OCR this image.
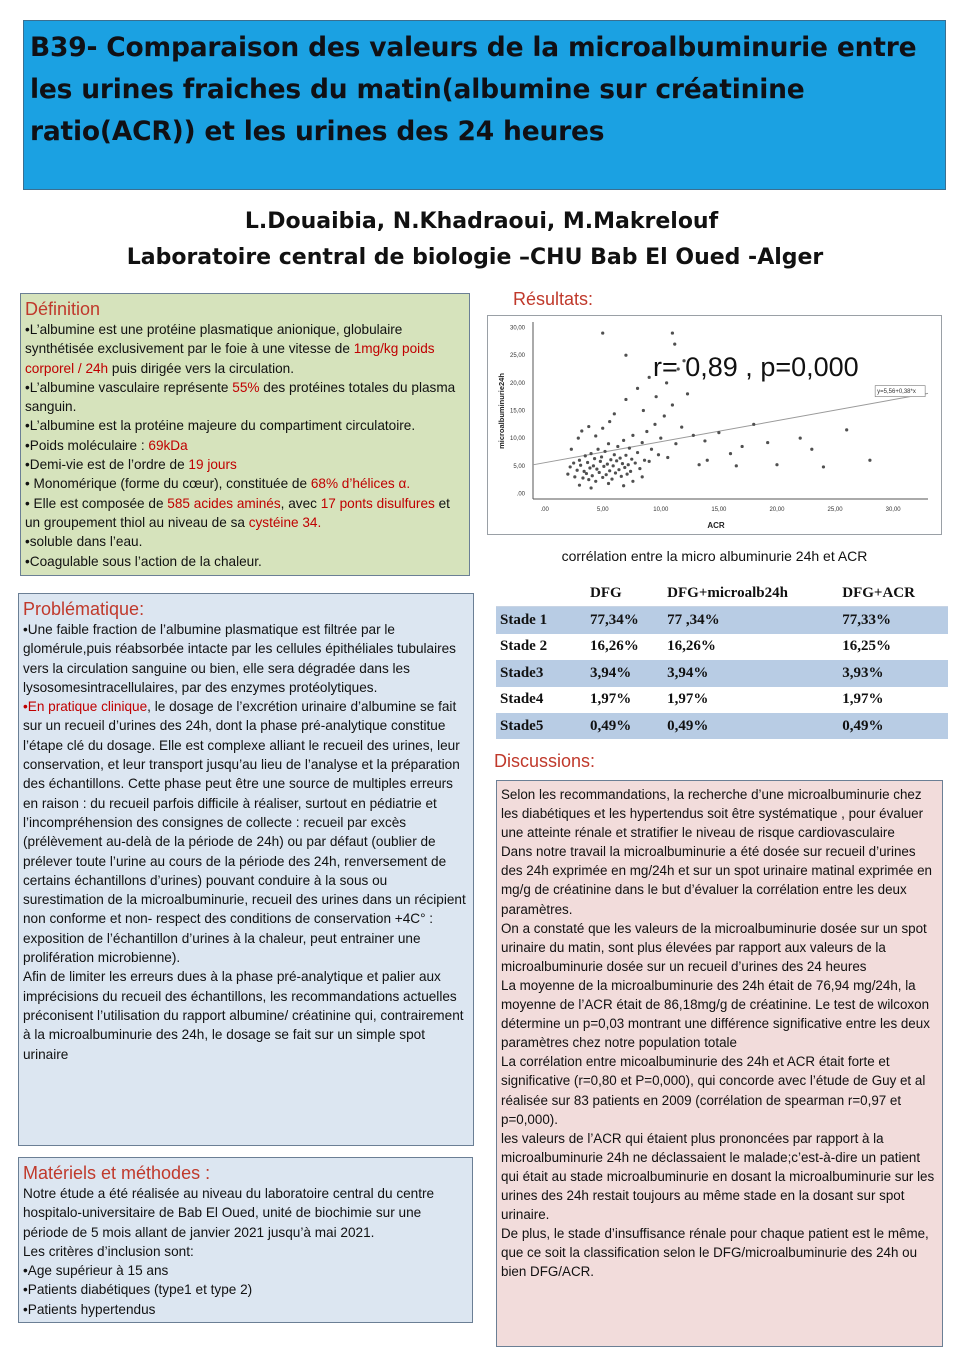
B39- Comparaison des valeurs de la microalbuminurie entre les urines fraiches du matin(albumine sur créatinine ratio(ACR)) et les urines des 24 heures

L.Douaibia, N.Khadraoui, M.Makrelouf
Laboratoire central de biologie –CHU Bab El Oued -Alger

Définition

•L’albumine est une protéine plasmatique anionique, globulaire synthétisée exclusivement par le foie à une vitesse de 1mg/kg poids corporel / 24h puis dirigée vers la circulation.

•L’albumine vasculaire représente 55% des protéines totales du plasma sanguin.

•L’albumine est la protéine majeure du compartiment circulatoire.

•Poids moléculaire : 69kDa

•Demi-vie est de l’ordre de 19 jours

• Monomérique (forme du cœur), constituée de 68% d’hélices α.

• Elle est composée de 585 acides aminés, avec 17 ponts disulfures et un groupement thiol au niveau de sa cystéine 34.

•soluble dans l’eau.

•Coagulable sous l’action de la chaleur.

Problématique:

•Une faible fraction de l’albumine plasmatique est filtrée par le glomérule,puis réabsorbée intacte par les cellules épithéliales tubulaires vers la circulation sanguine ou bien, elle sera dégradée dans les lysosomesintracellulaires, par des enzymes protéolytiques.

•En pratique clinique, le dosage de l’excrétion urinaire d’albumine se fait sur un recueil d’urines des 24h, dont la phase pré-analytique constitue l’étape clé du dosage. Elle est complexe alliant le recueil des urines, leur conservation, et leur transport jusqu’au lieu de l’analyse et la préparation des échantillons. Cette phase peut être une source de multiples erreurs en raison : du recueil parfois difficile à réaliser, surtout en pédiatrie et l’incompréhension des consignes de collecte : recueil par excès (prélèvement au-delà de la période de 24h) ou par défaut (oublier de prélever toute l’urine au cours de la période des 24h, renversement de certains échantillons d’urines) pouvant conduire à la sous ou surestimation de la microalbuminurie, recueil des urines dans un récipient non conforme et non- respect des conditions de conservation +4C° : exposition de l’échantillon d’urines à la chaleur, peut entrainer une prolifération microbienne).

Afin de limiter les erreurs dues à la phase pré-analytique et palier aux imprécisions du recueil des échantillons, les recommandations actuelles préconisent l’utilisation du rapport albumine/ créatinine qui, contrairement à la microalbuminurie des 24h, le dosage se fait sur un simple spot urinaire

Matériels et méthodes :

Notre étude a été réalisée au niveau du laboratoire central du centre hospitalo-universitaire de Bab El Oued, unité de biochimie sur une période de 5 mois allant de janvier 2021 jusqu’à mai 2021.

Les critères d’inclusion sont:

•Age supérieur à 15 ans

•Patients diabétiques (type1 et type 2)

•Patients hypertendus

Résultats:
.00	5,00	10,00	15,00	20,00	25,00	30,00
.00
5,00
10,00
15,00
20,00
25,00
30,00
y=5,56+0,38*x
r= 0,89 , p=0,000
ACR
microalbuminurie24h
corrélation entre la micro albuminurie 24h et ACR
	DFG	DFG+microalb24h	DFG+ACR
Stade 1	77,34%	77 ,34%	77,33%
Stade 2	16,26%	16,26%	16,25%
Stade3	3,94%	3,94%	3,93%
Stade4	1,97%	1,97%	1,97%
Stade5	0,49%	0,49%	0,49%
Discussions:

Selon les recommandations, la recherche d’une microalbuminurie chez les diabétiques et les hypertendus soit être systématique , pour évaluer une atteinte rénale et stratifier le niveau de risque cardiovasculaire

Dans notre travail la microalbuminurie a été dosée sur recueil d’urines des 24h exprimée en mg/24h et sur un spot urinaire matinal exprimée en mg/g de créatinine dans le but d’évaluer la corrélation entre les deux paramètres.

On a constaté que les valeurs de la microalbuminurie dosée sur un spot urinaire du matin, sont plus élevées par rapport aux valeurs de la microalbuminurie dosée sur un recueil d’urines des 24 heures

La moyenne de la microalbuminurie des 24h était de 76,94 mg/24h, la moyenne de l’ACR était de 86,18mg/g de créatinine. Le test de wilcoxon détermine un p=0,03 montrant une différence significative entre les deux paramètres chez notre population totale

La corrélation entre micoalbuminurie des 24h et ACR était forte et significative (r=0,80 et P=0,000), qui concorde avec l’étude de Guy et al réalisée sur 83 patients en 2009 (corrélation de spearman r=0,97 et p=0,000).

les valeurs de l’ACR qui étaient plus prononcées par rapport à la microalbuminurie 24h ne déclassaient le malade;c’est-à-dire un patient qui était au stade microalbuminurie en dosant la microalbuminurie sur les urines des 24h restait toujours au même stade en la dosant sur spot urinaire.

De plus, le stade d’insuffisance rénale pour chaque patient est le même, que ce soit la classification selon le DFG/microalbuminurie des 24h ou bien DFG/ACR.
